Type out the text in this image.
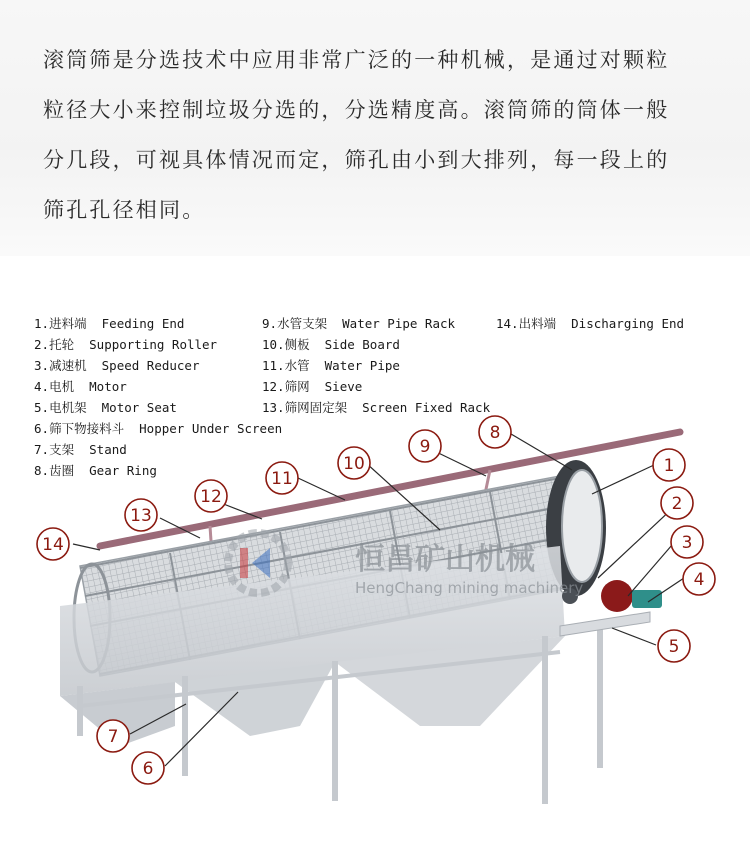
滚筒筛是分选技术中应用非常广泛的一种机械，是通过对颗粒
粒径大小来控制垃圾分选的，分选精度高。滚筒筛的筒体一般
分几段，可视具体情况而定，筛孔由小到大排列，每一段上的
筛孔孔径相同。
恒昌矿山机械
HengChang mining machinery
1
2
3
4
5
6
7
8
9
10
11
12
13
14
1.进料端 Feeding End
2.托轮 Supporting Roller
3.减速机 Speed Reducer
4.电机 Motor
5.电机架 Motor Seat
6.筛下物接料斗 Hopper Under Screen
7.支架 Stand
8.齿圈 Gear Ring
9.水管支架 Water Pipe Rack
10.侧板 Side Board
11.水管 Water Pipe
12.筛网 Sieve
13.筛网固定架 Screen Fixed Rack
14.出料端 Discharging End
